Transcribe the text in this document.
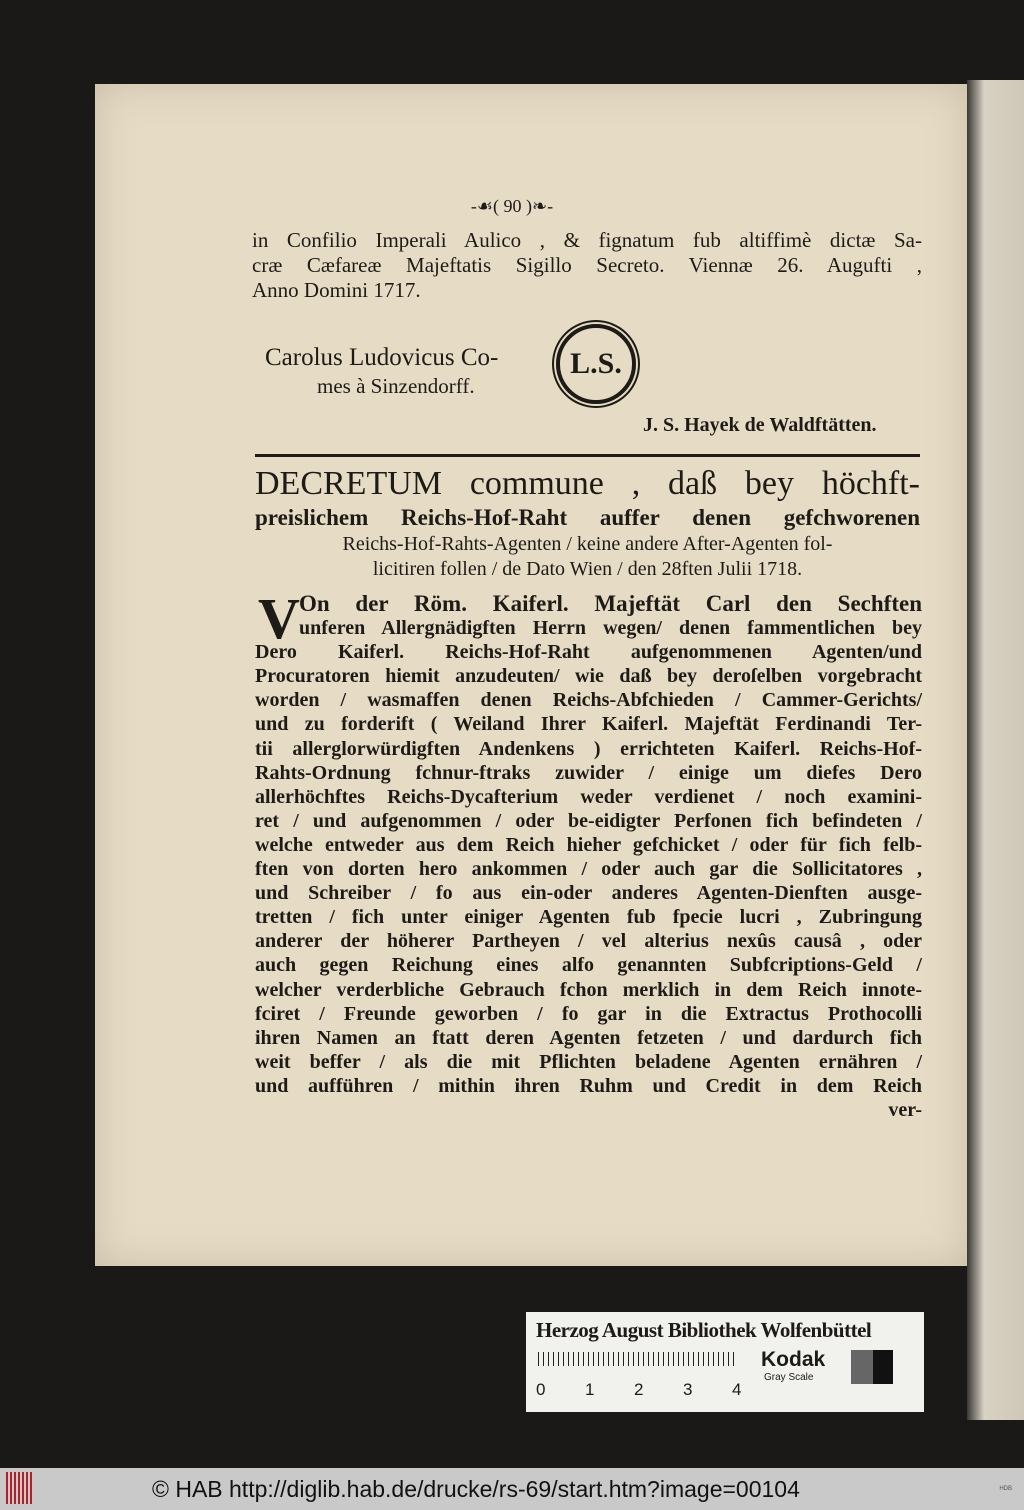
-☙( 90 )❧-
in Confilio Imperali Aulico , & fignatum fub altiffimè dictæ Sa-
cræ Cæfareæ Majeftatis Sigillo Secreto. Viennæ 26. Augufti ,
Anno Domini 1717.
Carolus Ludovicus Co-
mes à Sinzendorff.
L.S.
J. S. Hayek de Waldftätten.
DECRETUM commune , daß bey höchft-
preislichem Reichs-Hof-Raht auffer denen gefchworenen
Reichs-Hof-Rahts-Agenten / keine andere After-Agenten fol-
licitiren follen / de Dato Wien / den 28ften Julii 1718.
V On der Röm. Kaiferl. Majeftät Carl den Sechften
unferen Allergnädigften Herrn wegen/ denen fammentlichen bey
Dero Kaiferl. Reichs-Hof-Raht aufgenommenen Agenten/und
Procuratoren hiemit anzudeuten/ wie daß bey deroſelben vorgebracht
worden / wasmaffen denen Reichs-Abfchieden / Cammer-Gerichts/
und zu forderift ( Weiland Ihrer Kaiferl. Majeftät Ferdinandi Ter-
tii allerglorwürdigften Andenkens ) errichteten Kaiferl. Reichs-Hof-
Rahts-Ordnung fchnur-ftraks zuwider / einige um diefes Dero
allerhöchftes Reichs-Dycafterium weder verdienet / noch examini-
ret / und aufgenommen / oder be-eidigter Perfonen fich befindeten /
welche entweder aus dem Reich hieher gefchicket / oder für fich felb-
ften von dorten hero ankommen / oder auch gar die Sollicitatores ,
und Schreiber / fo aus ein-oder anderes Agenten-Dienften ausge-
tretten / fich unter einiger Agenten fub fpecie lucri , Zubringung
anderer der höherer Parthеyen / vel alterius nexûs causâ , oder
auch gegen Reichung eines alfo genannten Subfcriptions-Geld /
welcher verderbliche Gebrauch fchon merklich in dem Reich innote-
fciret / Freunde geworben / fo gar in die Extractus Prothocolli
ihren Namen an ftatt deren Agenten fetzeten / und dardurch fich
weit beffer / als die mit Pflichten beladene Agenten ernähren /
und aufführen / mithin ihren Ruhm und Credit in dem Reich
ver-
Herzog August Bibliothek Wolfenbüttel
0 1 2 3 4
Kodak
Gray Scale
© HAB http://diglib.hab.de/drucke/rs-69/start.htm?image=00104	HDB
